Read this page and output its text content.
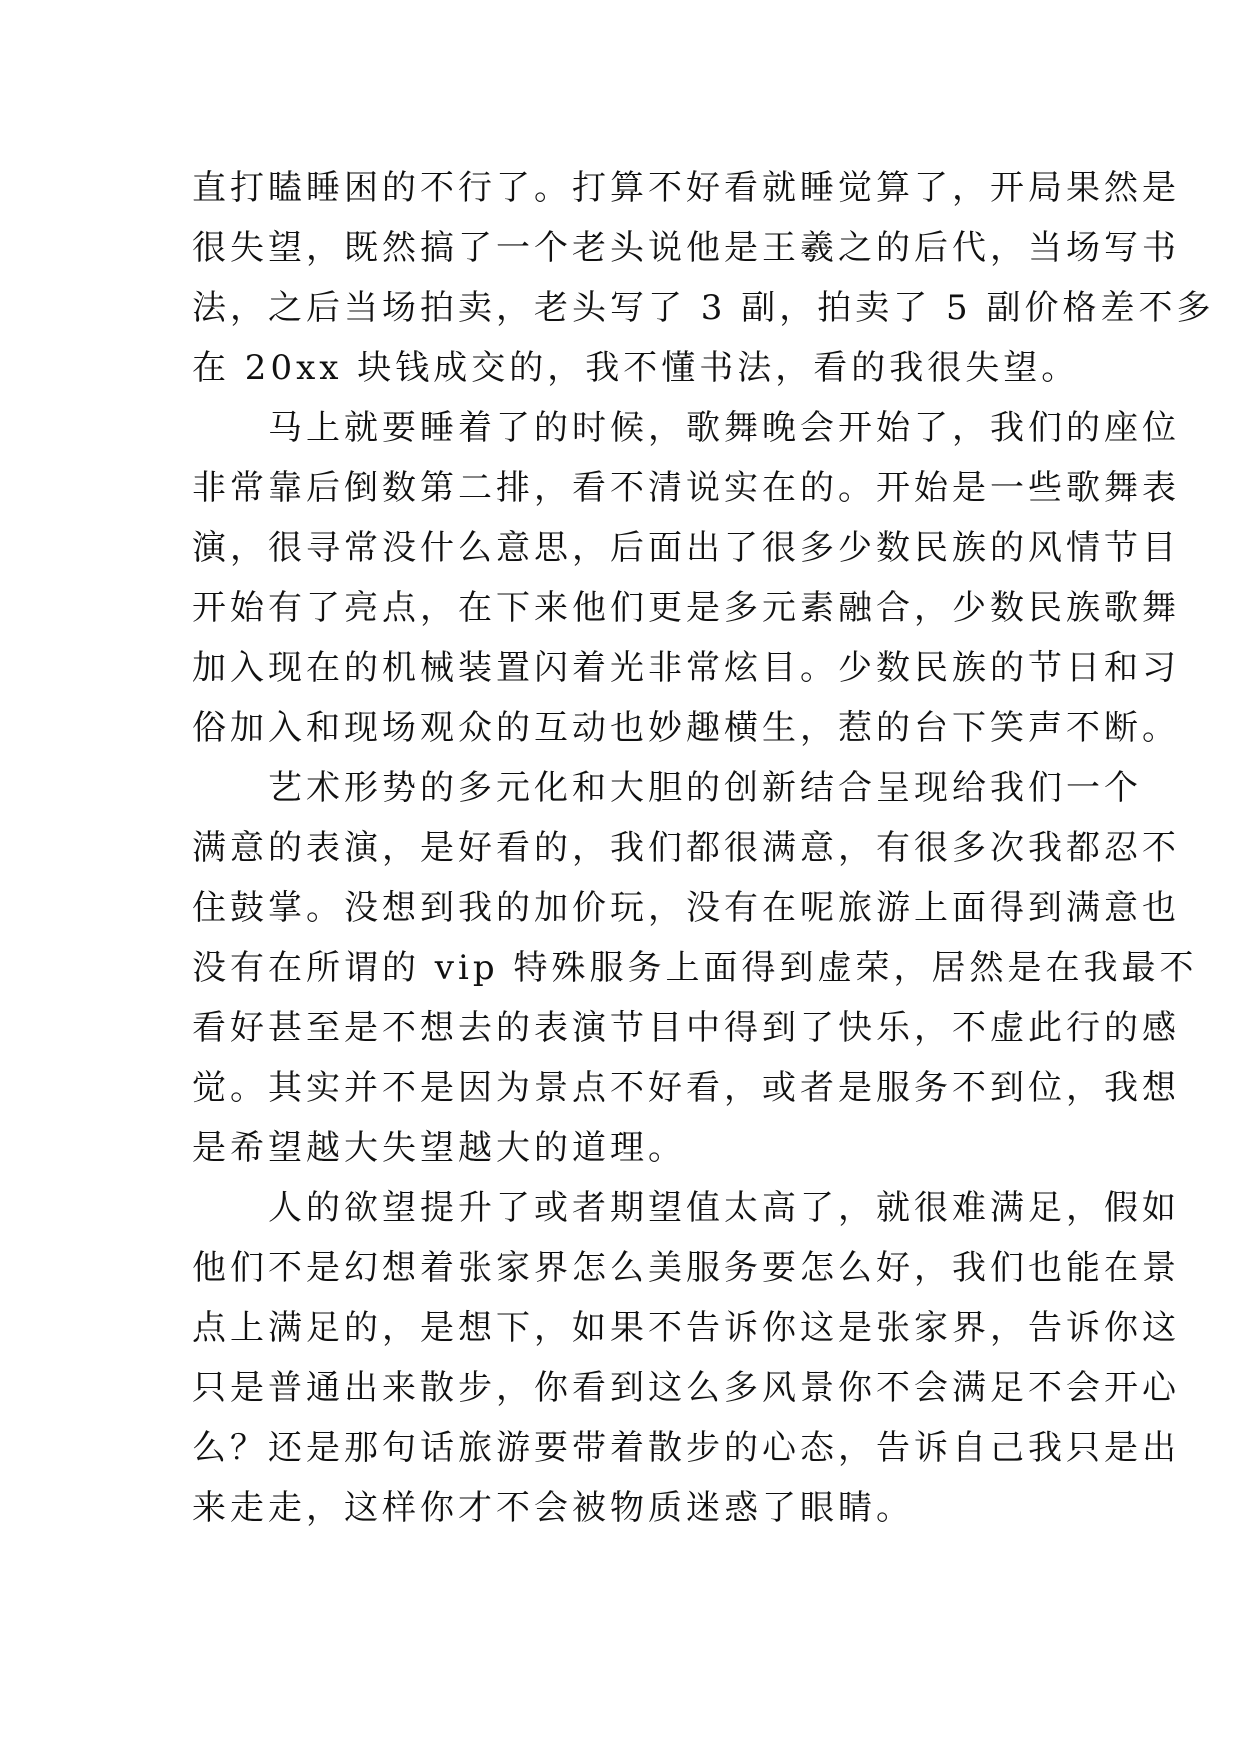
直打瞌睡困的不行了。打算不好看就睡觉算了，开局果然是
很失望，既然搞了一个老头说他是王羲之的后代，当场写书
法，之后当场拍卖，老头写了 3 副，拍卖了 5 副价格差不多
在 20xx 块钱成交的，我不懂书法，看的我很失望。
　　马上就要睡着了的时候，歌舞晚会开始了，我们的座位
非常靠后倒数第二排，看不清说实在的。开始是一些歌舞表
演，很寻常没什么意思，后面出了很多少数民族的风情节目
开始有了亮点，在下来他们更是多元素融合，少数民族歌舞
加入现在的机械装置闪着光非常炫目。少数民族的节日和习
俗加入和现场观众的互动也妙趣横生，惹的台下笑声不断。
　　艺术形势的多元化和大胆的创新结合呈现给我们一个
满意的表演，是好看的，我们都很满意，有很多次我都忍不
住鼓掌。没想到我的加价玩，没有在呢旅游上面得到满意也
没有在所谓的 vip 特殊服务上面得到虚荣，居然是在我最不
看好甚至是不想去的表演节目中得到了快乐，不虚此行的感
觉。其实并不是因为景点不好看，或者是服务不到位，我想
是希望越大失望越大的道理。
　　人的欲望提升了或者期望值太高了，就很难满足，假如
他们不是幻想着张家界怎么美服务要怎么好，我们也能在景
点上满足的，是想下，如果不告诉你这是张家界，告诉你这
只是普通出来散步，你看到这么多风景你不会满足不会开心
么？还是那句话旅游要带着散步的心态，告诉自己我只是出
来走走，这样你才不会被物质迷惑了眼睛。
